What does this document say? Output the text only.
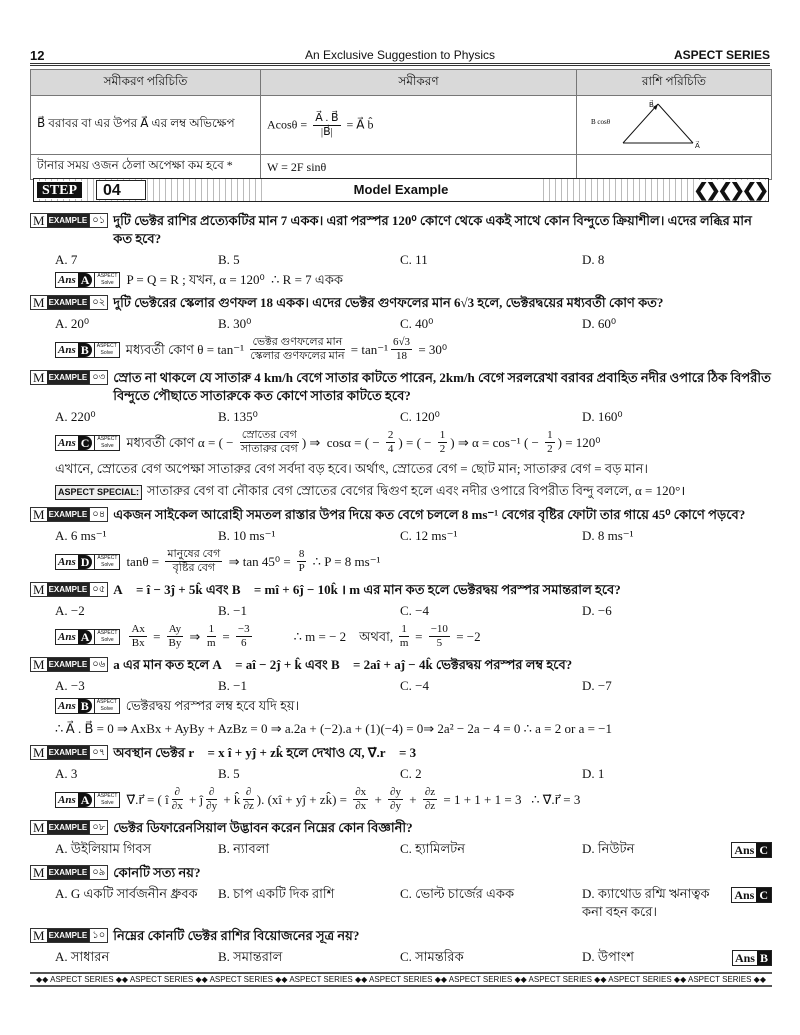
12	An Exclusive Suggestion to Physics	ASPECT SERIES
সমীকরণ পরিচিতি	সমীকরণ	রাশি পরিচিতি
B⃗ বরাবর বা এর উপর A⃗ এর লম্ব অভিক্ষেপ	$Acos\theta = \frac{A⃗ . B⃗}{|B⃗|}$ = A⃗ b̂	B⃗
B cosθ
A⃗

টানার সময় ওজন ঠেলা অপেক্ষা কম হবে *	W = 2F sinθ	
STEP	04	Model Example	❮❯❮❯❮❯
M EXAMPLE ০১ দুটি ভেক্টর রাশির প্রত্যেকটির মান 7 একক। এরা পরস্পর 120⁰ কোণে থেকে একই সাথে কোন বিন্দুতে ক্রিয়াশীল। এদের লব্ধির মান কত হবে?
A. 7	B. 5	C. 11	D. 8
Ans A	ASPECT
Solve P = Q = R ; যখন, α = 120⁰  ∴ R = 7 একক
M EXAMPLE ০২ দুটি ভেক্টরের স্কেলার গুণফল 18 একক। এদের ভেক্টর গুণফলের মান 6√3 হলে, ভেক্টরদ্বয়ের মধ্যবর্তী কোণ কত?
A. 20⁰	B. 30⁰	C. 40⁰	D. 60⁰
Ans B	ASPECT
Solve মধ্যবর্তী কোণ $\theta = \tan^{-1} \frac{\text{ভেক্টর গুণফলের মান}}{\text{স্কেলার গুণফলের মান}} = \tan^{-1} \frac{6√3}{18} = 30^0$
M EXAMPLE ০৩ স্রোত না থাকলে যে সাতারু 4 km/h বেগে সাতার কাটতে পারেন, 2km/h বেগে সরলরেখা বরাবর প্রবাহিত নদীর ওপারে ঠিক বিপরীত বিন্দুতে পৌছাতে সাতারুকে কত কোণে সাতার কাটতে হবে?
A. 220⁰	B. 135⁰	C. 120⁰	D. 160⁰
Ans C	ASPECT
Solve মধ্যবর্তী কোণ α = ( − $\frac{\text{স্রোতের বেগ}}{\text{সাতারুর বেগ}}$ ) ⇒  cosα = ( − $\frac{2}{4}$ ) = ( − $\frac{1}{2}$ ) ⇒ α = cos⁻¹ ( − $\frac{1}{2}$ ) = 120⁰
এখানে, স্রোতের বেগ অপেক্ষা সাতারুর বেগ সর্বদা বড় হবে। অর্থাৎ, স্রোতের বেগ = ছোট মান; সাতারুর বেগ = বড় মান।
ASPECT SPECIAL: সাতারুর বেগ বা নৌকার বেগ স্রোতের বেগের দ্বিগুণ হলে এবং নদীর ওপারে বিপরীত বিন্দু বললে, α = 120°।
M EXAMPLE ০৪ একজন সাইকেল আরোহী সমতল রাস্তার উপর দিয়ে কত বেগে চললে 8 ms⁻¹ বেগের বৃষ্টির ফোটা তার গায়ে 45⁰ কোণে পড়বে?
A. 6 ms⁻¹	B. 10 ms⁻¹	C. 12 ms⁻¹	D. 8 ms⁻¹
Ans D	ASPECT
Solve $\tan\theta = \frac{\text{মানুষের বেগ}}{\text{বৃষ্টির বেগ}}$ ⇒ $\tan 45^0 = \frac{8}{P}$ ∴ P = 8 ms⁻¹
M EXAMPLE ০৫ A⃗ = î − 3ĵ + 5k̂ এবং B⃗ = mî + 6ĵ − 10k̂ । m এর মান কত হলে ভেক্টরদ্বয় পরস্পর সমান্তরাল হবে?
A. −2	B. −1	C. −4	D. −6
Ans A	ASPECT
Solve	$\frac{Ax}{Bx} = \frac{Ay}{By}$ ⇒ $\frac{1}{m} = \frac{-3}{6}$ ∴ m = − 2    অথবা, $\frac{1}{m} = \frac{-10}{5} = -2$
M EXAMPLE ০৬ a এর মান কত হলে A⃗ = aî − 2ĵ + k̂ এবং B⃗ = 2aî + aĵ − 4k̂ ভেক্টরদ্বয় পরস্পর লম্ব হবে?
A. −3	B. −1	C. −4	D. −7
Ans B	ASPECT
Solve ভেক্টরদ্বয় পরস্পর লম্ব হবে যদি হয়।
∴ A⃗ . B⃗ = 0 ⇒ AxBx + AyBy + AzBz = 0 ⇒ a.2a + (−2).a + (1)(−4) = 0⇒ 2a² − 2a − 4 = 0 ∴ a = 2 or a = −1
M EXAMPLE ০৭ অবস্থান ভেক্টর r⃗ = x î + yĵ + zk̂ হলে দেখাও যে, ∇⃗.r⃗ = 3
A. 3	B. 5	C. 2	D. 1
Ans A	ASPECT
Solve ∇⃗.r⃗ = ( î $\frac{\partial}{\partial x}$ + ĵ $\frac{\partial}{\partial y}$ + k̂ $\frac{\partial}{\partial z}$ ). (xî + yĵ + zk̂) = $\frac{\partial x}{\partial x} + \frac{\partial y}{\partial y} + \frac{\partial z}{\partial z} = 1 + 1 + 1 = 3$   ∴ ∇⃗.r⃗ = 3
M EXAMPLE ০৮ ভেক্টর ডিফারেনসিয়াল উদ্ভাবন করেন নিম্নের কোন বিজ্ঞানী?
A. উইলিয়াম গিবস	B. ন্যাবলা	C. হ্যামিলটন	D. নিউটন	Ans C
M EXAMPLE ০৯ কোনটি সত্য নয়?
A. G একটি সার্বজনীন ধ্রুবক	B. চাপ একটি দিক রাশি	C. ভোল্ট চার্জের একক	D. ক্যাথোড রশ্মি ঋনাত্বক কনা বহন করে।
Ans C
M EXAMPLE ১০ নিম্নের কোনটি ভেক্টর রাশির বিয়োজনের সূত্র নয়?
A. সাধারন	B. সমান্তরাল	C. সামন্তরিক	D. উপাংশ	Ans B
◆◆ ASPECT SERIES ◆◆ ASPECT SERIES ◆◆ ASPECT SERIES ◆◆ ASPECT SERIES ◆◆ ASPECT SERIES ◆◆ ASPECT SERIES ◆◆ ASPECT SERIES ◆◆ ASPECT SERIES ◆◆ ASPECT SERIES ◆◆
